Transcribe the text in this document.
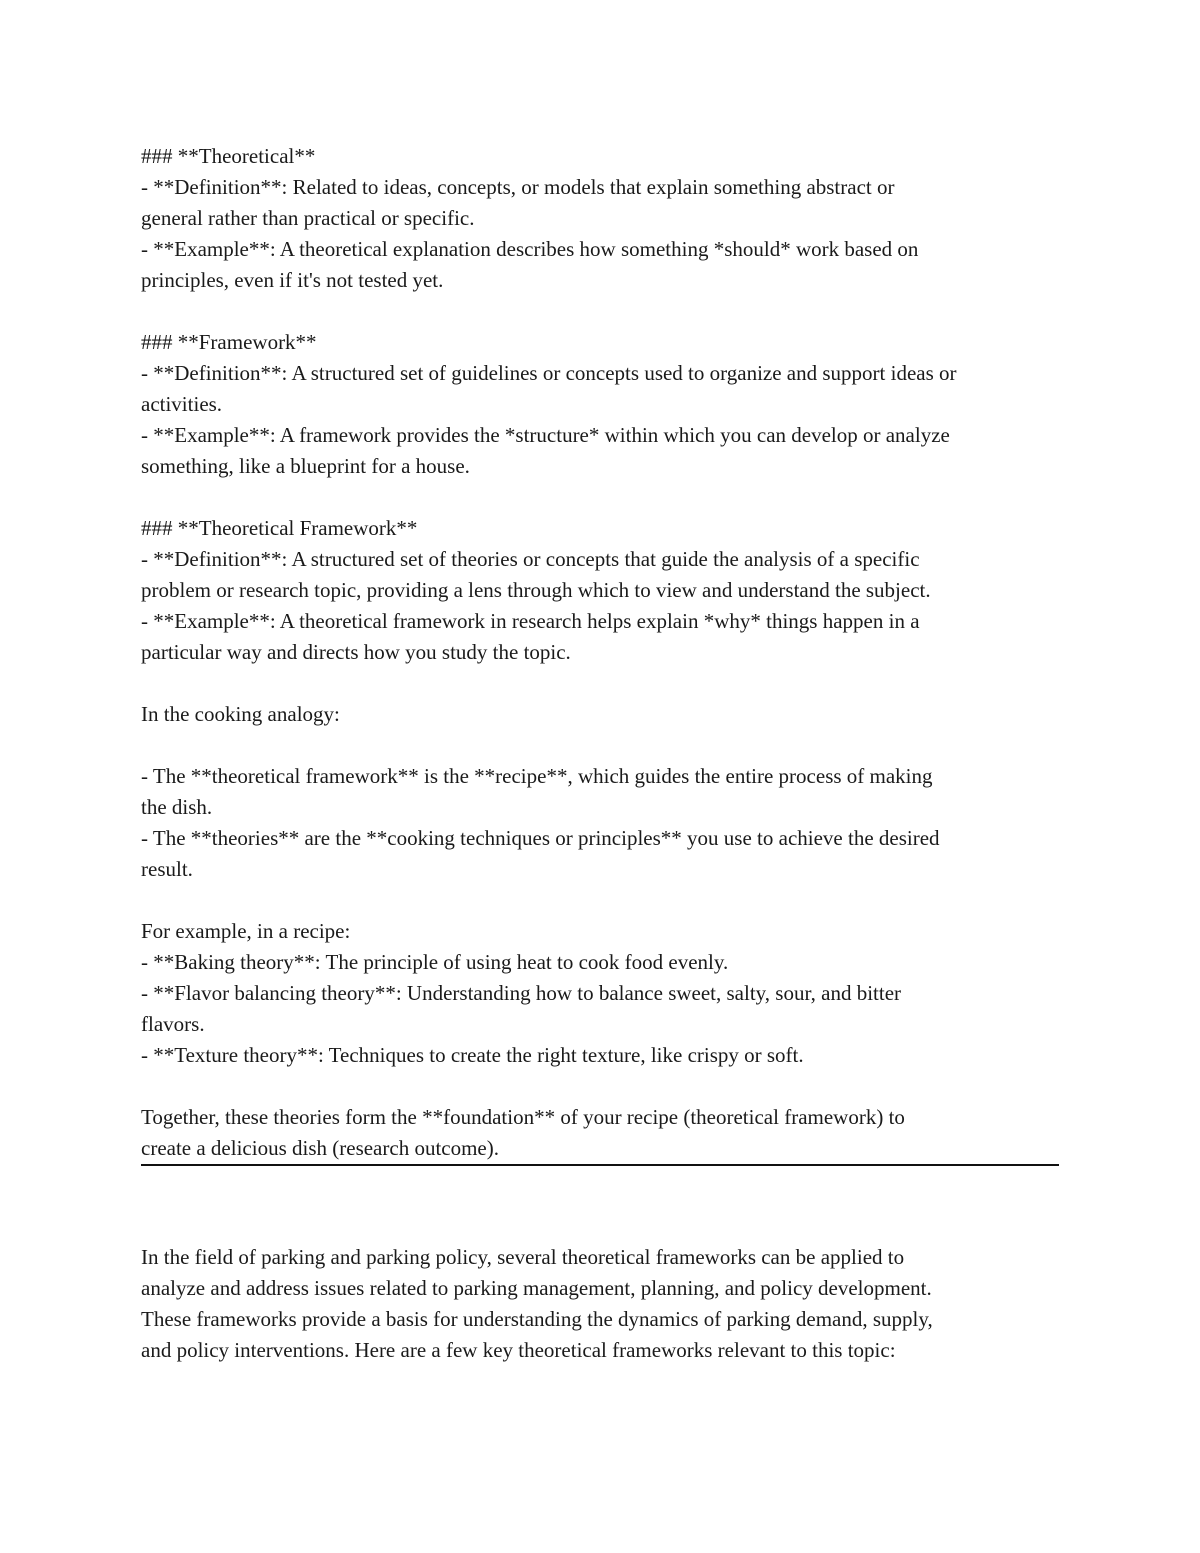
### **Theoretical**
- **Definition**: Related to ideas, concepts, or models that explain something abstract or
general rather than practical or specific.
- **Example**: A theoretical explanation describes how something *should* work based on
principles, even if it's not tested yet.
### **Framework**
- **Definition**: A structured set of guidelines or concepts used to organize and support ideas or
activities.
- **Example**: A framework provides the *structure* within which you can develop or analyze
something, like a blueprint for a house.
### **Theoretical Framework**
- **Definition**: A structured set of theories or concepts that guide the analysis of a specific
problem or research topic, providing a lens through which to view and understand the subject.
- **Example**: A theoretical framework in research helps explain *why* things happen in a
particular way and directs how you study the topic.
In the cooking analogy:
- The **theoretical framework** is the **recipe**, which guides the entire process of making
the dish.
- The **theories** are the **cooking techniques or principles** you use to achieve the desired
result.
For example, in a recipe:
- **Baking theory**: The principle of using heat to cook food evenly.
- **Flavor balancing theory**: Understanding how to balance sweet, salty, sour, and bitter
flavors.
- **Texture theory**: Techniques to create the right texture, like crispy or soft.
Together, these theories form the **foundation** of your recipe (theoretical framework) to
create a delicious dish (research outcome).
In the field of parking and parking policy, several theoretical frameworks can be applied to
analyze and address issues related to parking management, planning, and policy development.
These frameworks provide a basis for understanding the dynamics of parking demand, supply,
and policy interventions. Here are a few key theoretical frameworks relevant to this topic:
